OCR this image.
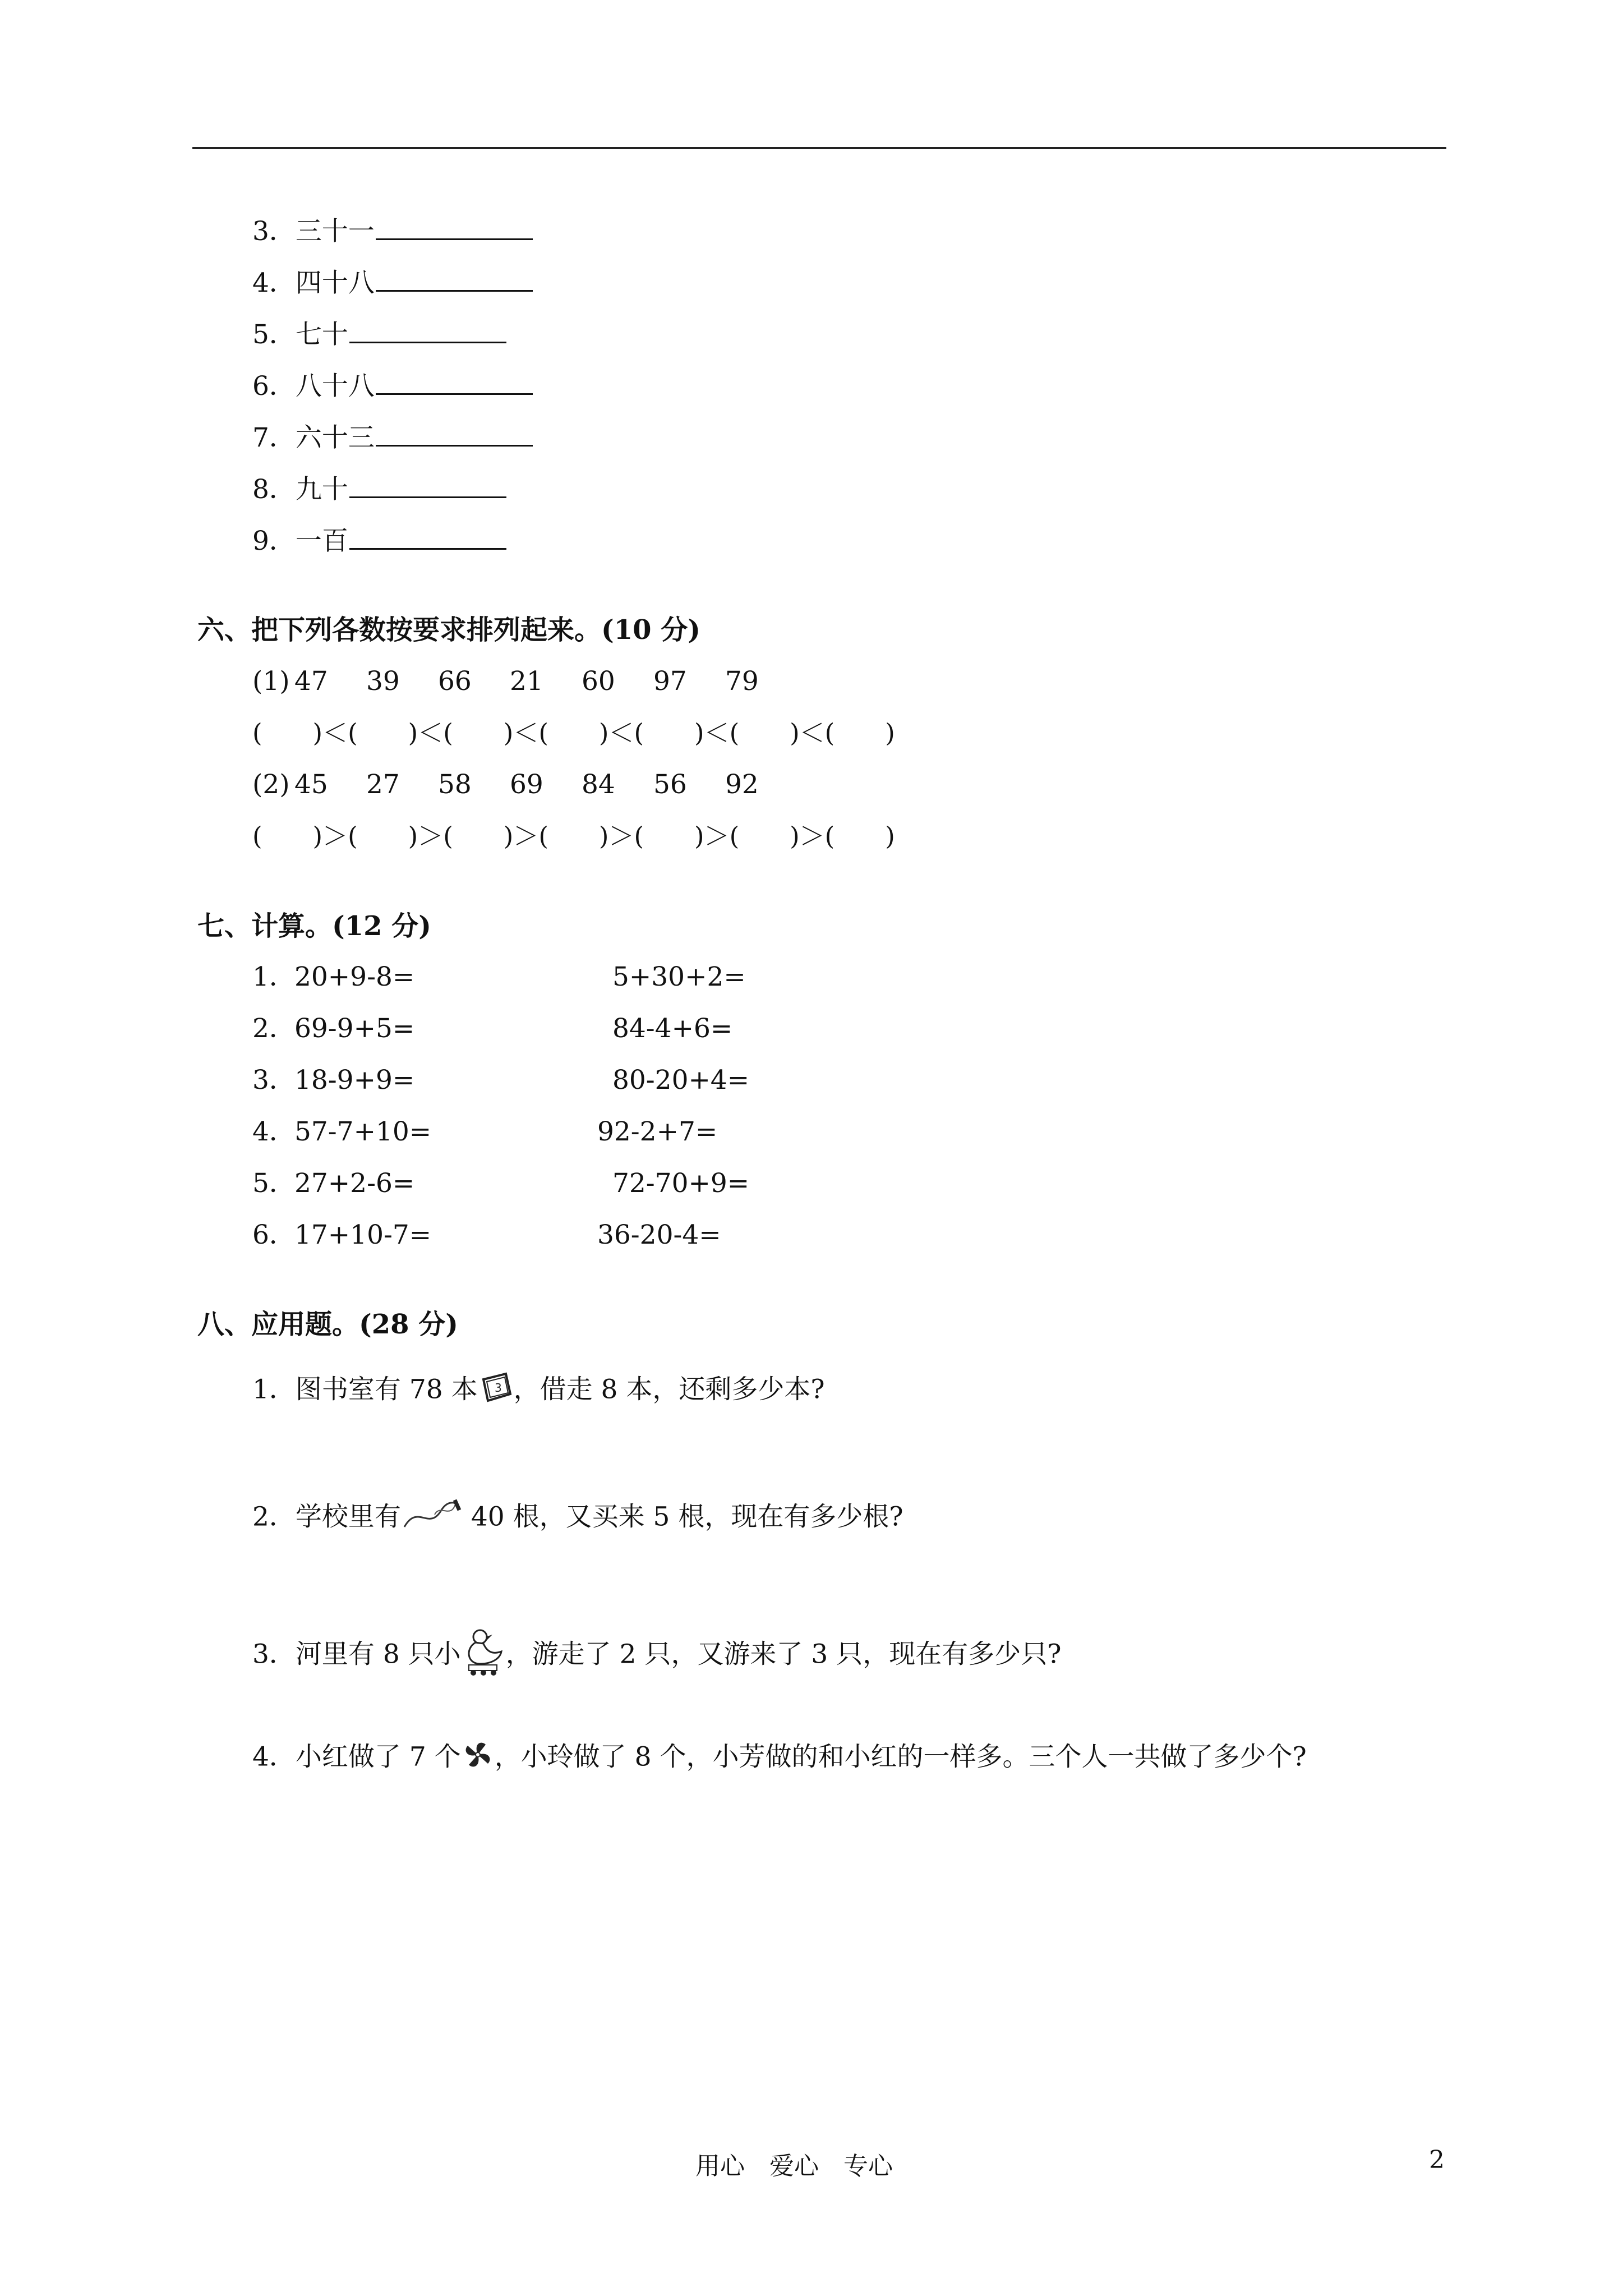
3．三十一
4．四十八
5．七十
6．八十八
7．六十三
8．九十
9．一百
六、把下列各数按要求排列起来。(10 分)
(1) 47 39 66 21 60 97 79
(　　)＜(　　)＜(　　)＜(　　)＜(　　)＜(　　)＜(　　)
(2) 45 27 58 69 84 56 92
(　　)＞(　　)＞(　　)＞(　　)＞(　　)＞(　　)＞(　　)
七、计算。(12 分)
1．
20+9-8=	5+30+2=
2．
69-9+5=	84-4+6=
3．
18-9+9=	80-20+4=
4．
57-7+10=	92-2+7=
5．
27+2-6=	72-70+9=
6．
17+10-7=	36-20-4=
八、应用题。(28 分)
1．图书室有 78 本 3 ，借走 8 本，还剩多少本?
2．学校里有 40 根，又买来 5 根，现在有多少根?
3．河里有 8 只小 ，游走了 2 只，又游来了 3 只，现在有多少只?
4．小红做了 7 个 ，小玲做了 8 个，小芳做的和小红的一样多。三个人一共做了多少个?
用心　爱心　专心	2
